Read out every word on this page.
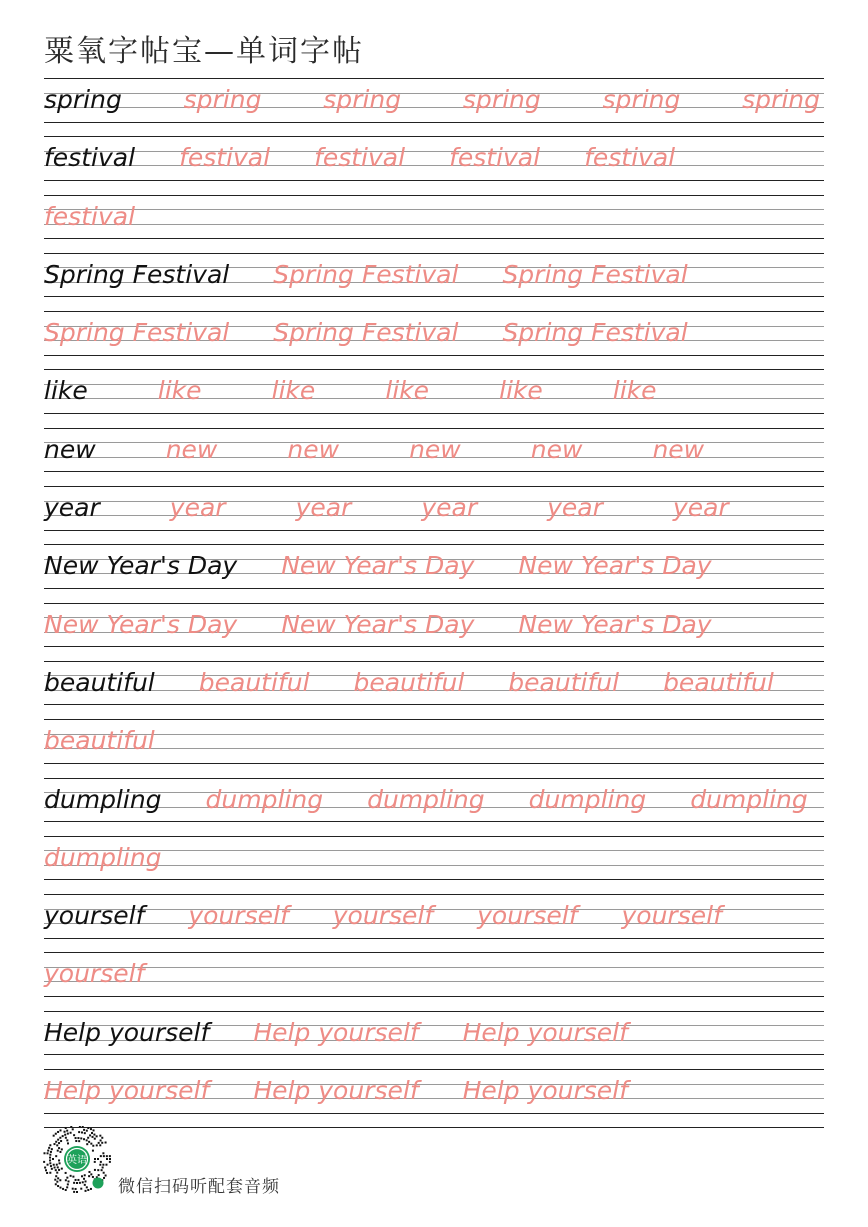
粟氧字帖宝—单词字帖
spring spring spring spring spring spring
festival festival festival festival festival
festival
Spring Festival Spring Festival Spring Festival
Spring Festival Spring Festival Spring Festival
like	like	like	like	like	like
new	new	new	new	new	new
year	year	year	year	year	year
New Year's Day New Year's Day New Year's Day
New Year's Day New Year's Day New Year's Day
beautiful beautiful beautiful beautiful beautiful
beautiful
dumpling dumpling dumpling dumpling dumpling
dumpling
yourself yourself yourself yourself yourself
yourself
Help yourself Help yourself Help yourself
Help yourself Help yourself Help yourself
英语
微信扫码听配套音频
